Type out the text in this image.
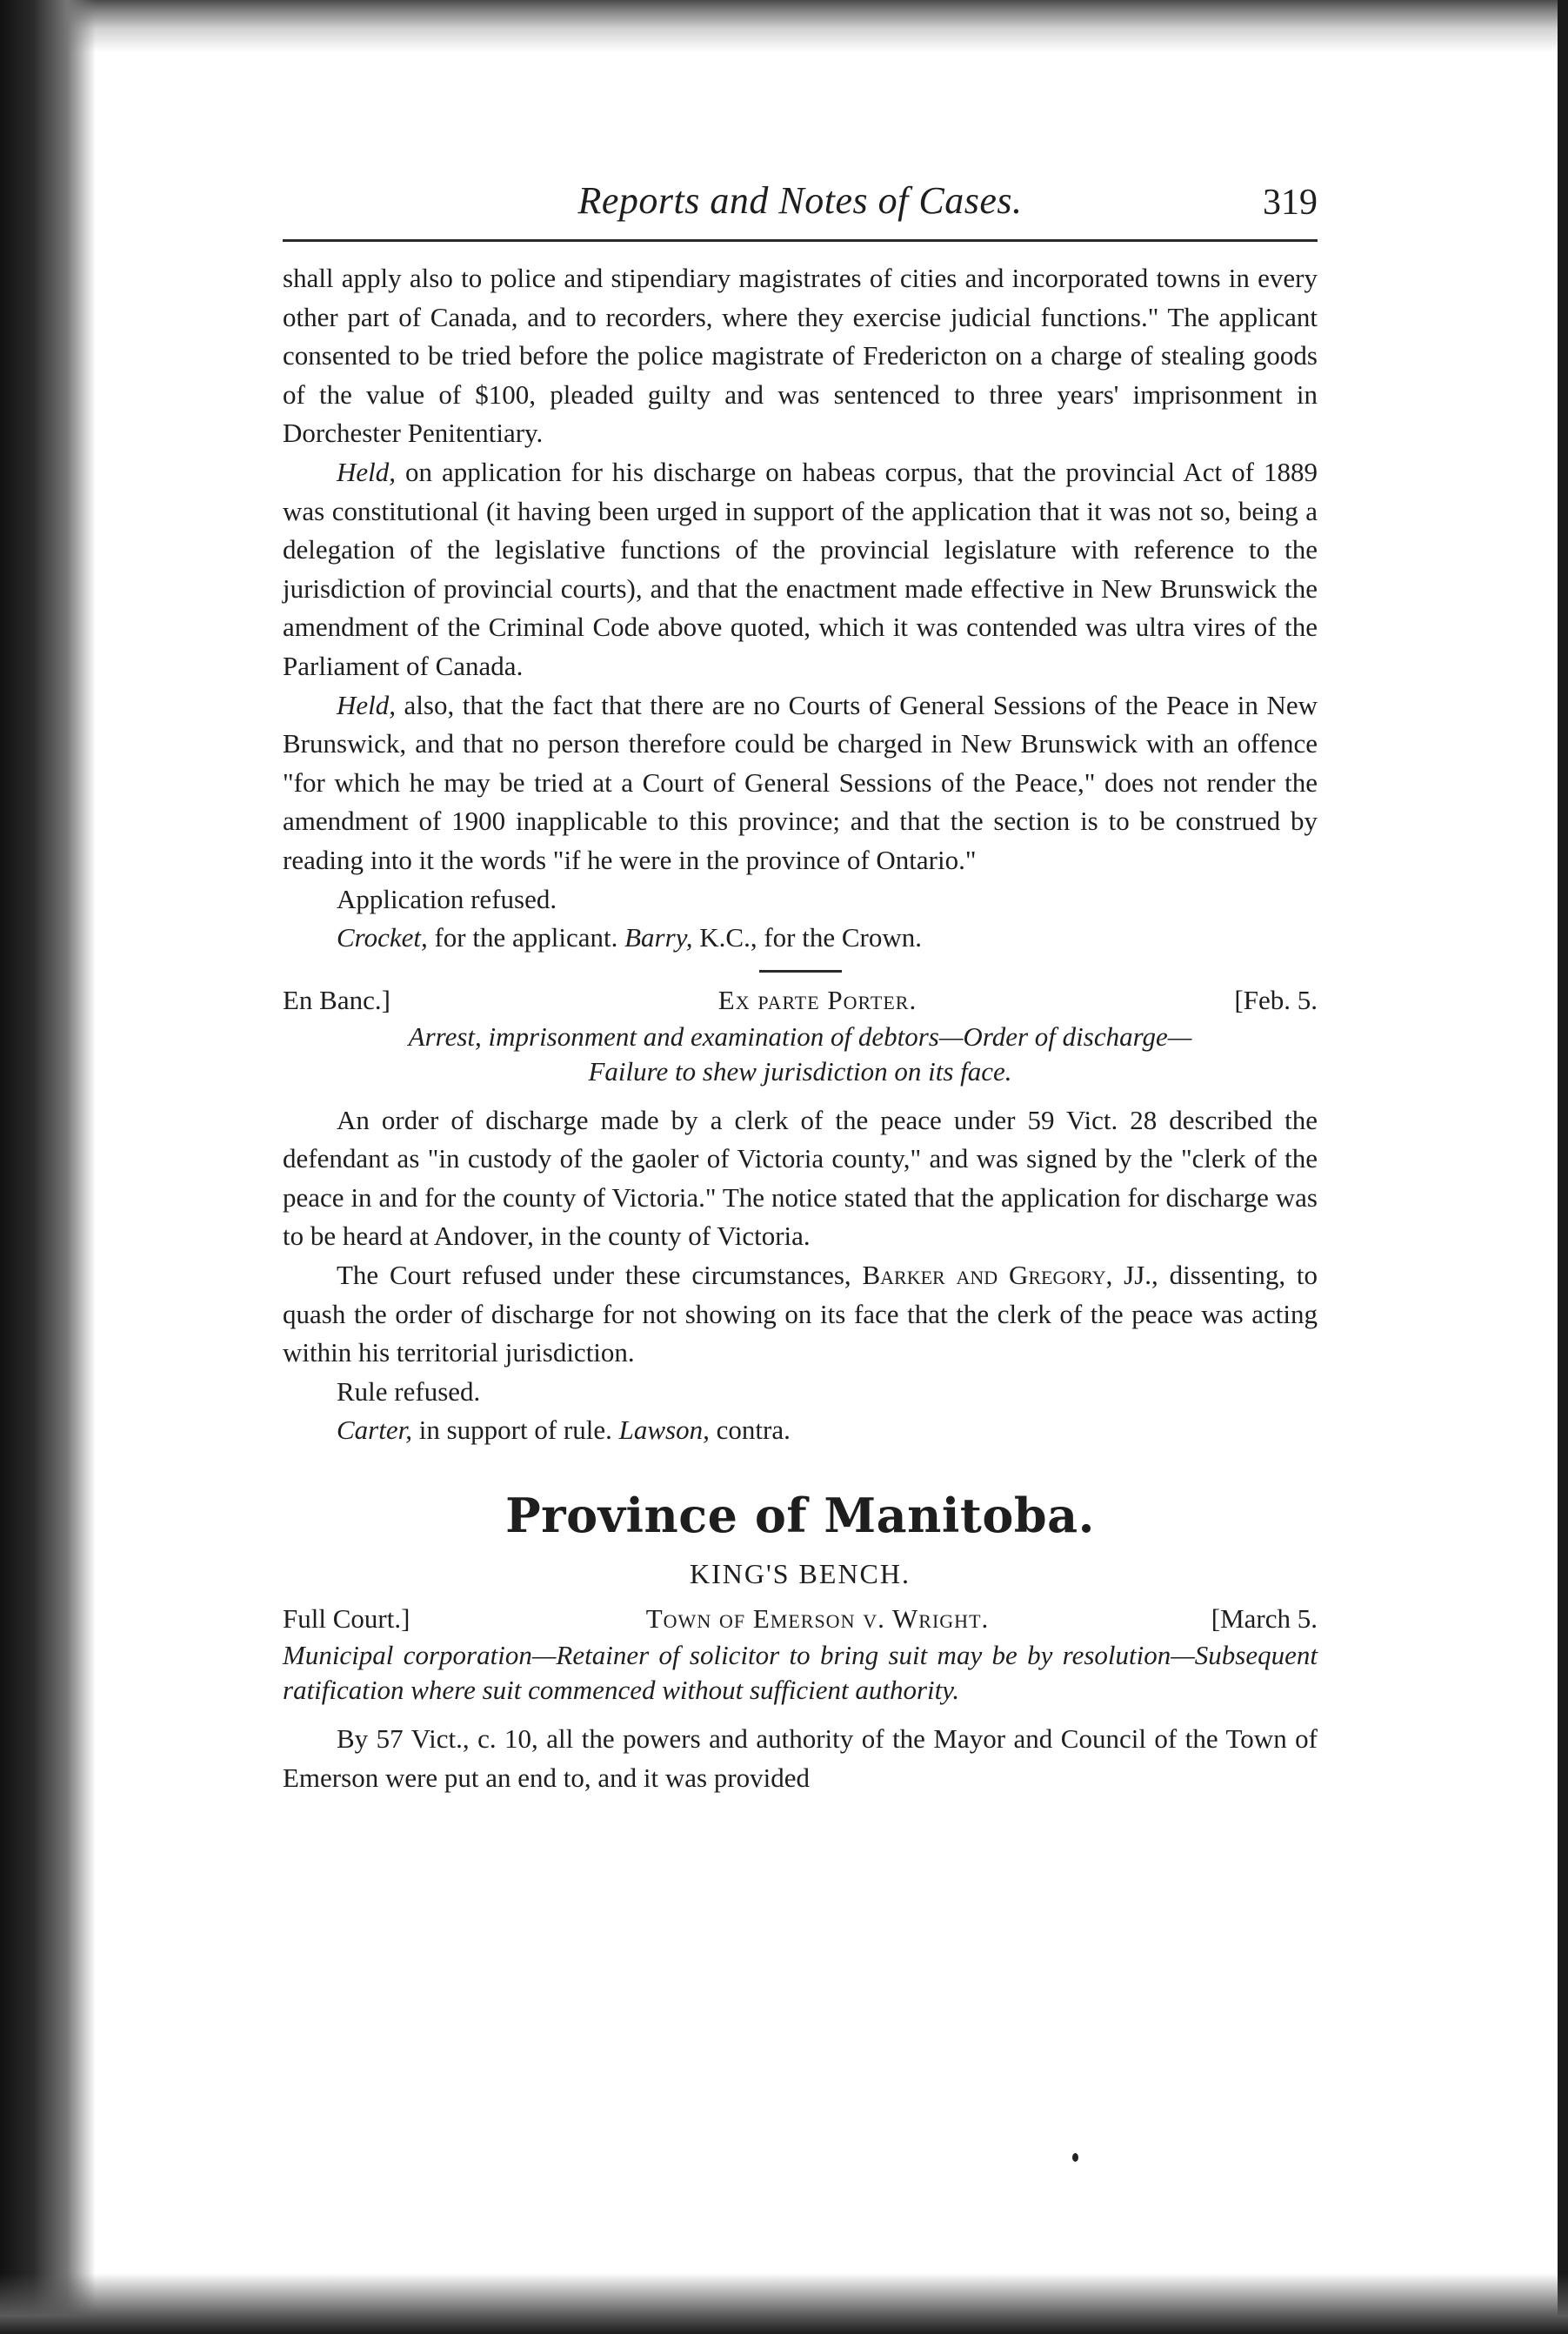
Reports and Notes of Cases.	319

shall apply also to police and stipendiary magistrates of cities and incorporated towns in every other part of Canada, and to recorders, where they exercise judicial functions." The applicant consented to be tried before the police magistrate of Fredericton on a charge of stealing goods of the value of $100, pleaded guilty and was sentenced to three years' imprisonment in Dorchester Penitentiary.

Held, on application for his discharge on habeas corpus, that the provincial Act of 1889 was constitutional (it having been urged in support of the application that it was not so, being a delegation of the legislative functions of the provincial legislature with reference to the jurisdiction of provincial courts), and that the enactment made effective in New Brunswick the amendment of the Criminal Code above quoted, which it was contended was ultra vires of the Parliament of Canada.

Held, also, that the fact that there are no Courts of General Sessions of the Peace in New Brunswick, and that no person therefore could be charged in New Brunswick with an offence "for which he may be tried at a Court of General Sessions of the Peace," does not render the amendment of 1900 inapplicable to this province; and that the section is to be construed by reading into it the words "if he were in the province of Ontario."

Application refused.

Crocket, for the applicant. Barry, K.C., for the Crown.

En Banc.]	Ex parte Porter.	[Feb. 5.
Arrest, imprisonment and examination of debtors—Order of discharge—
Failure to shew jurisdiction on its face.

An order of discharge made by a clerk of the peace under 59 Vict. 28 described the defendant as "in custody of the gaoler of Victoria county," and was signed by the "clerk of the peace in and for the county of Victoria." The notice stated that the application for discharge was to be heard at Andover, in the county of Victoria.

The Court refused under these circumstances, Barker and Gregory, JJ., dissenting, to quash the order of discharge for not showing on its face that the clerk of the peace was acting within his territorial jurisdiction.

Rule refused.

Carter, in support of rule. Lawson, contra.

Province of Manitoba.
KING'S BENCH.
Full Court.]	Town of Emerson v. Wright.	[March 5.
Municipal corporation—Retainer of solicitor to bring suit may be by resolution—Subsequent ratification where suit commenced without sufficient authority.

By 57 Vict., c. 10, all the powers and authority of the Mayor and Council of the Town of Emerson were put an end to, and it was provided
